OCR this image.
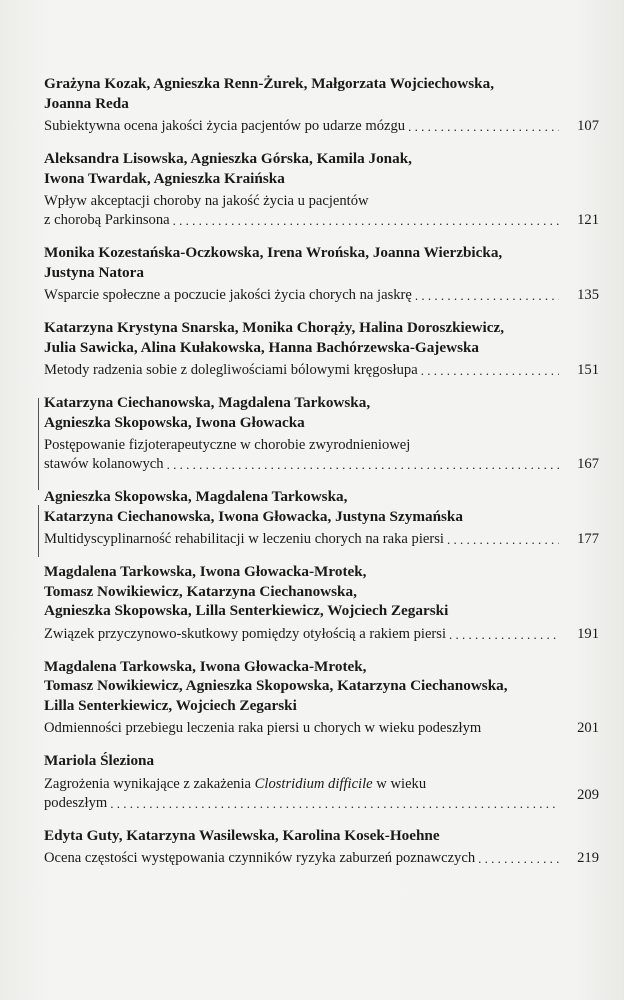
Grażyna Kozak, Agnieszka Renn-Żurek, Małgorzata Wojciechowska,
Joanna Reda
Subiektywna ocena jakości życia pacjentów po udarze mózgu . . .	107
Aleksandra Lisowska, Agnieszka Górska, Kamila Jonak,
Iwona Twardak, Agnieszka Kraińska
Wpływ akceptacji choroby na jakość życia u pacjentów
z chorobą Parkinsona . . .	121
Monika Kozestańska-Oczkowska, Irena Wrońska, Joanna Wierzbicka,
Justyna Natora
Wsparcie społeczne a poczucie jakości życia chorych na jaskrę . . .	135
Katarzyna Krystyna Snarska, Monika Chorąży, Halina Doroszkiewicz,
Julia Sawicka, Alina Kułakowska, Hanna Bachórzewska-Gajewska
Metody radzenia sobie z dolegliwościami bólowymi kręgosłupa . . .	151
Katarzyna Ciechanowska, Magdalena Tarkowska,
Agnieszka Skopowska, Iwona Głowacka
Postępowanie fizjoterapeutyczne w chorobie zwyrodnieniowej
stawów kolanowych . . .	167
Agnieszka Skopowska, Magdalena Tarkowska,
Katarzyna Ciechanowska, Iwona Głowacka, Justyna Szymańska
Multidyscyplinarność rehabilitacji w leczeniu chorych na raka piersi . . .	177
Magdalena Tarkowska, Iwona Głowacka-Mrotek,
Tomasz Nowikiewicz, Katarzyna Ciechanowska,
Agnieszka Skopowska, Lilla Senterkiewicz, Wojciech Zegarski
Związek przyczynowo-skutkowy pomiędzy otyłością a rakiem piersi . . .	191
Magdalena Tarkowska, Iwona Głowacka-Mrotek,
Tomasz Nowikiewicz, Agnieszka Skopowska, Katarzyna Ciechanowska,
Lilla Senterkiewicz, Wojciech Zegarski
Odmienności przebiegu leczenia raka piersi u chorych w wieku podeszłym	201
Mariola Śleziona
Zagrożenia wynikające z zakażenia Clostridium difficile w wieku
podeszłym . . .	209
Edyta Guty, Katarzyna Wasilewska, Karolina Kosek-Hoehne
Ocena częstości występowania czynników ryzyka zaburzeń poznawczych . . .	219
